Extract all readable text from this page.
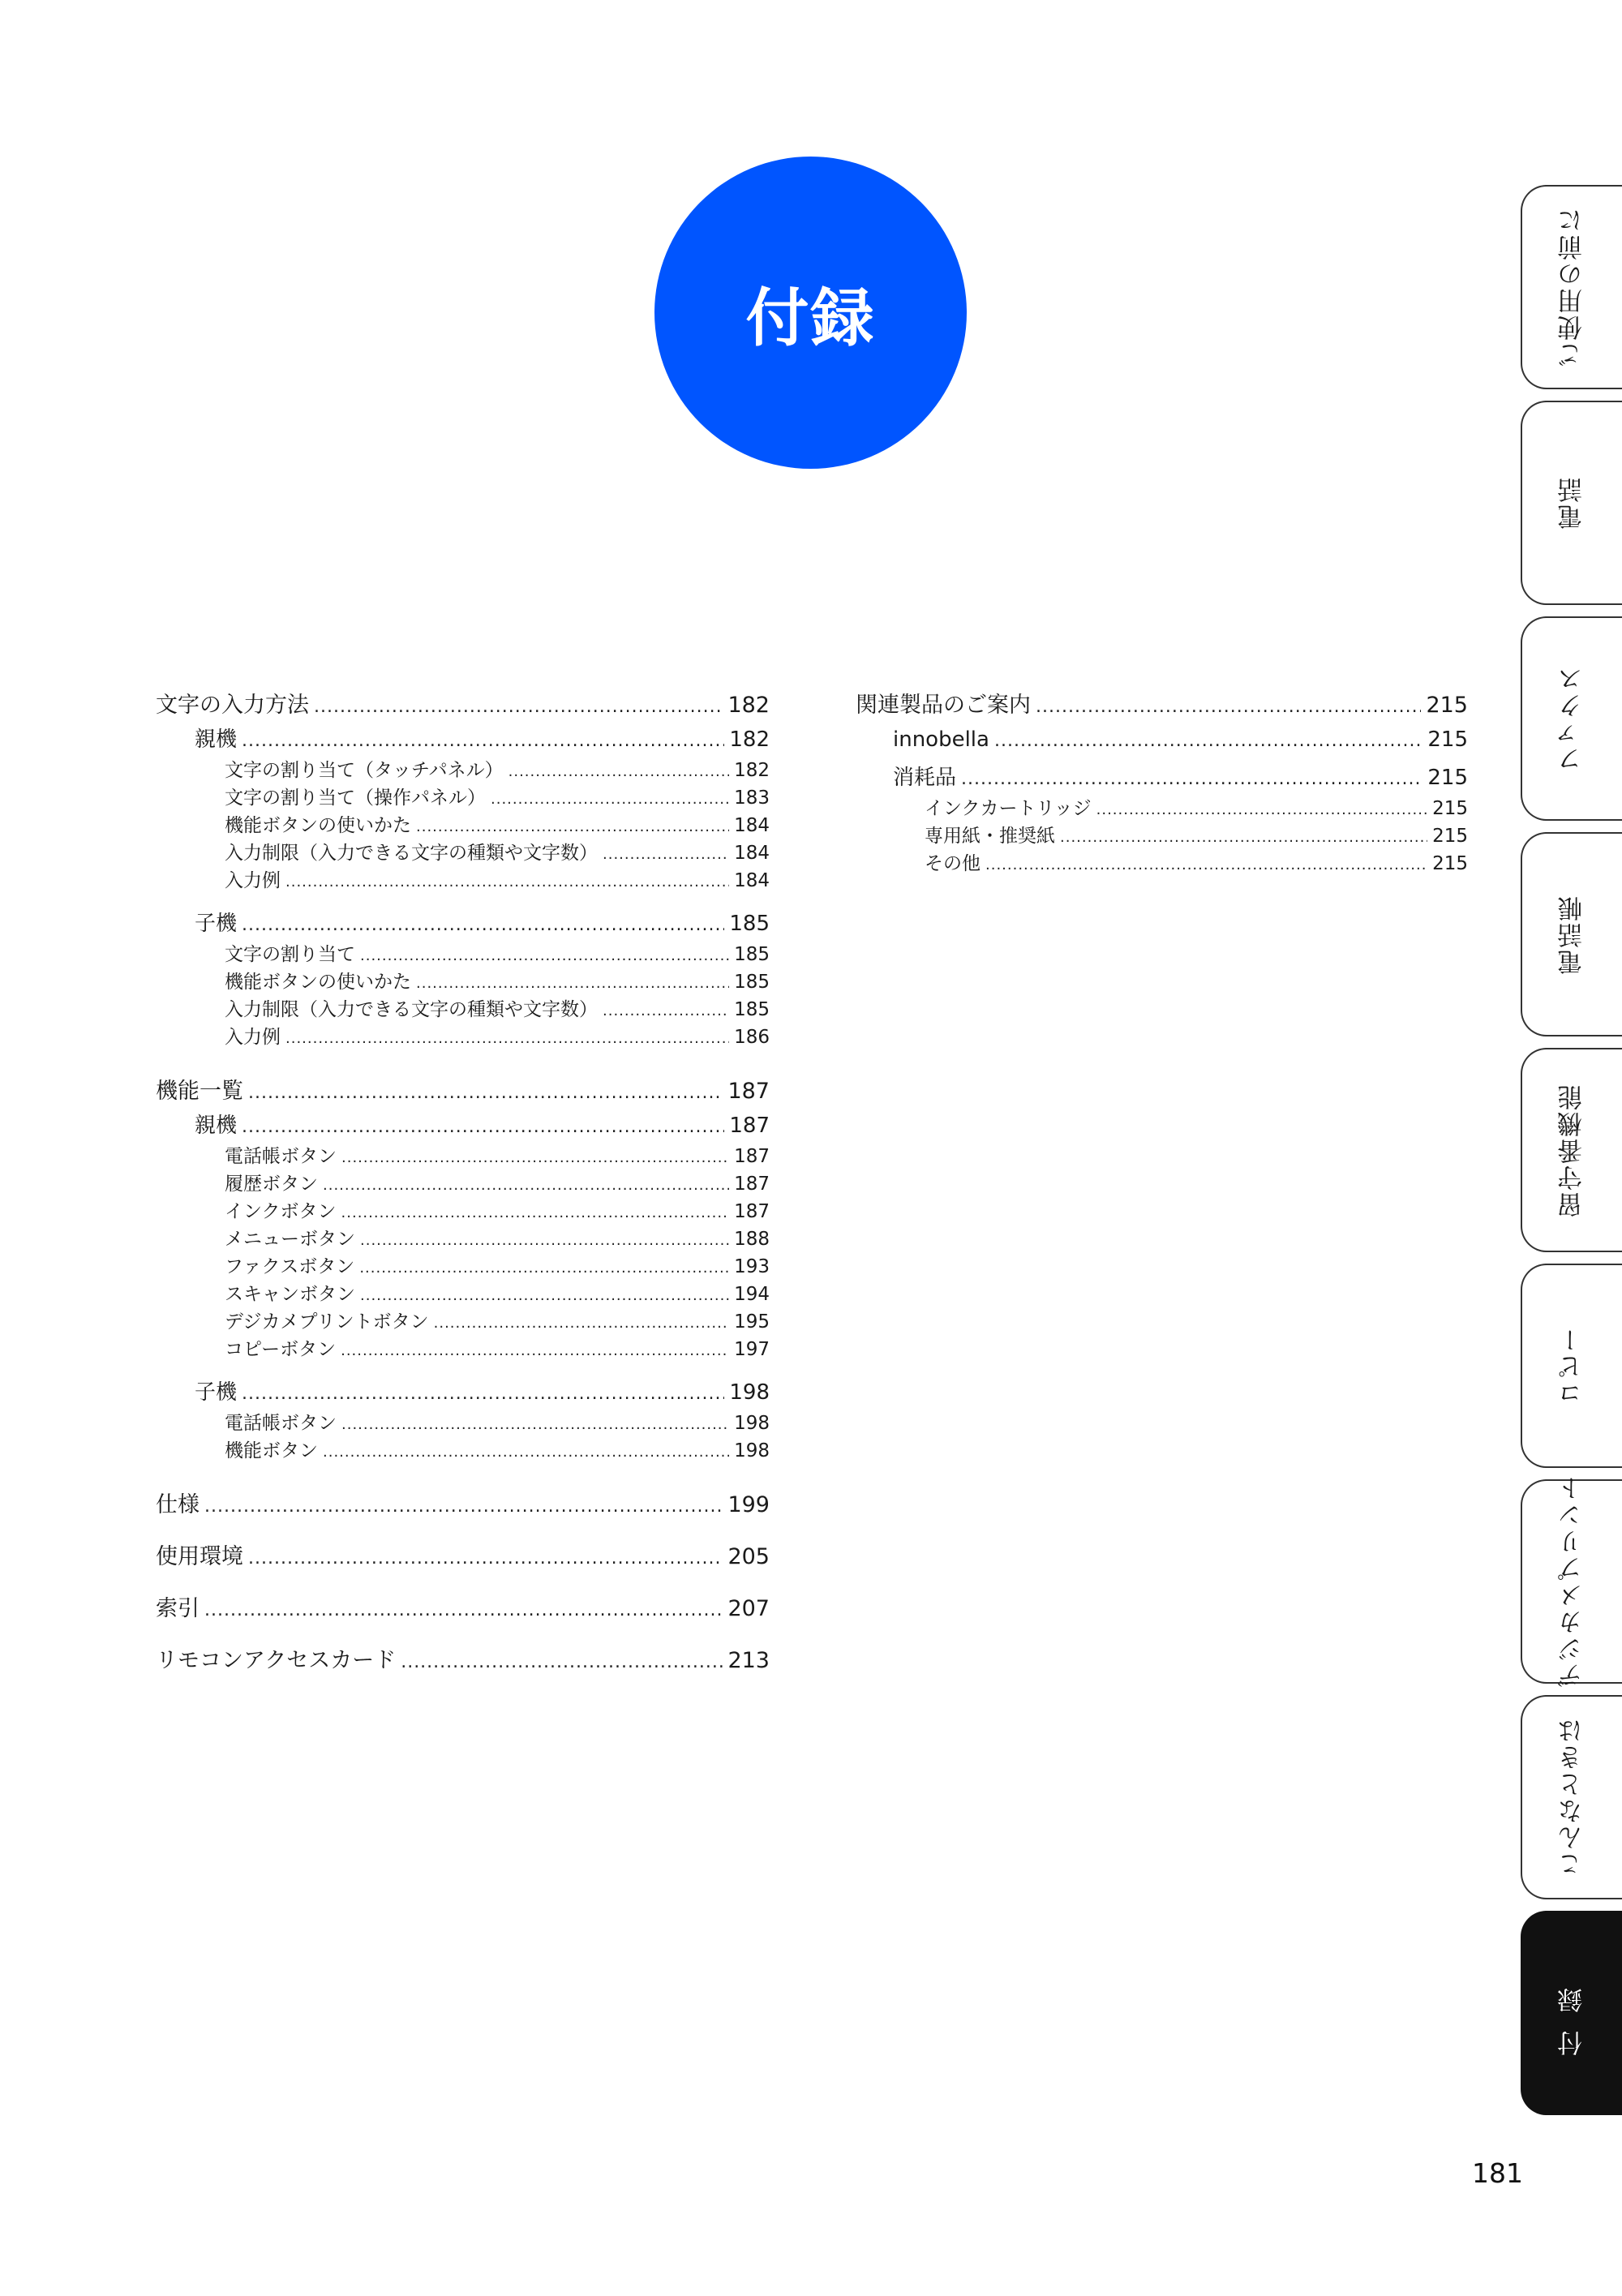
付録
文字の入力方法 .....	182
親機 .....	182
文字の割り当て（タッチパネル） .....	182
文字の割り当て（操作パネル） .....	183
機能ボタンの使いかた .....	184
入力制限（入力できる文字の種類や文字数） .....	184
入力例 .....	184
子機 .....	185
文字の割り当て .....	185
機能ボタンの使いかた .....	185
入力制限（入力できる文字の種類や文字数） .....	185
入力例 .....	186
機能一覧 .....	187
親機 .....	187
電話帳ボタン .....	187
履歴ボタン .....	187
インクボタン .....	187
メニューボタン .....	188
ファクスボタン .....	193
スキャンボタン .....	194
デジカメプリントボタン .....	195
コピーボタン .....	197
子機 .....	198
電話帳ボタン .....	198
機能ボタン .....	198
仕様 .....	199
使用環境 .....	205
索引 .....	207
リモコンアクセスカード .....	213
関連製品のご案内 .....	215
innobella .....	215
消耗品 .....	215
インクカートリッジ .....	215
専用紙・推奨紙 .....	215
その他 .....	215
ご使用の前に
電話
ファクス
電話帳
留守番機能
コピー
デジカメプリント
こんなときは
付録
181
